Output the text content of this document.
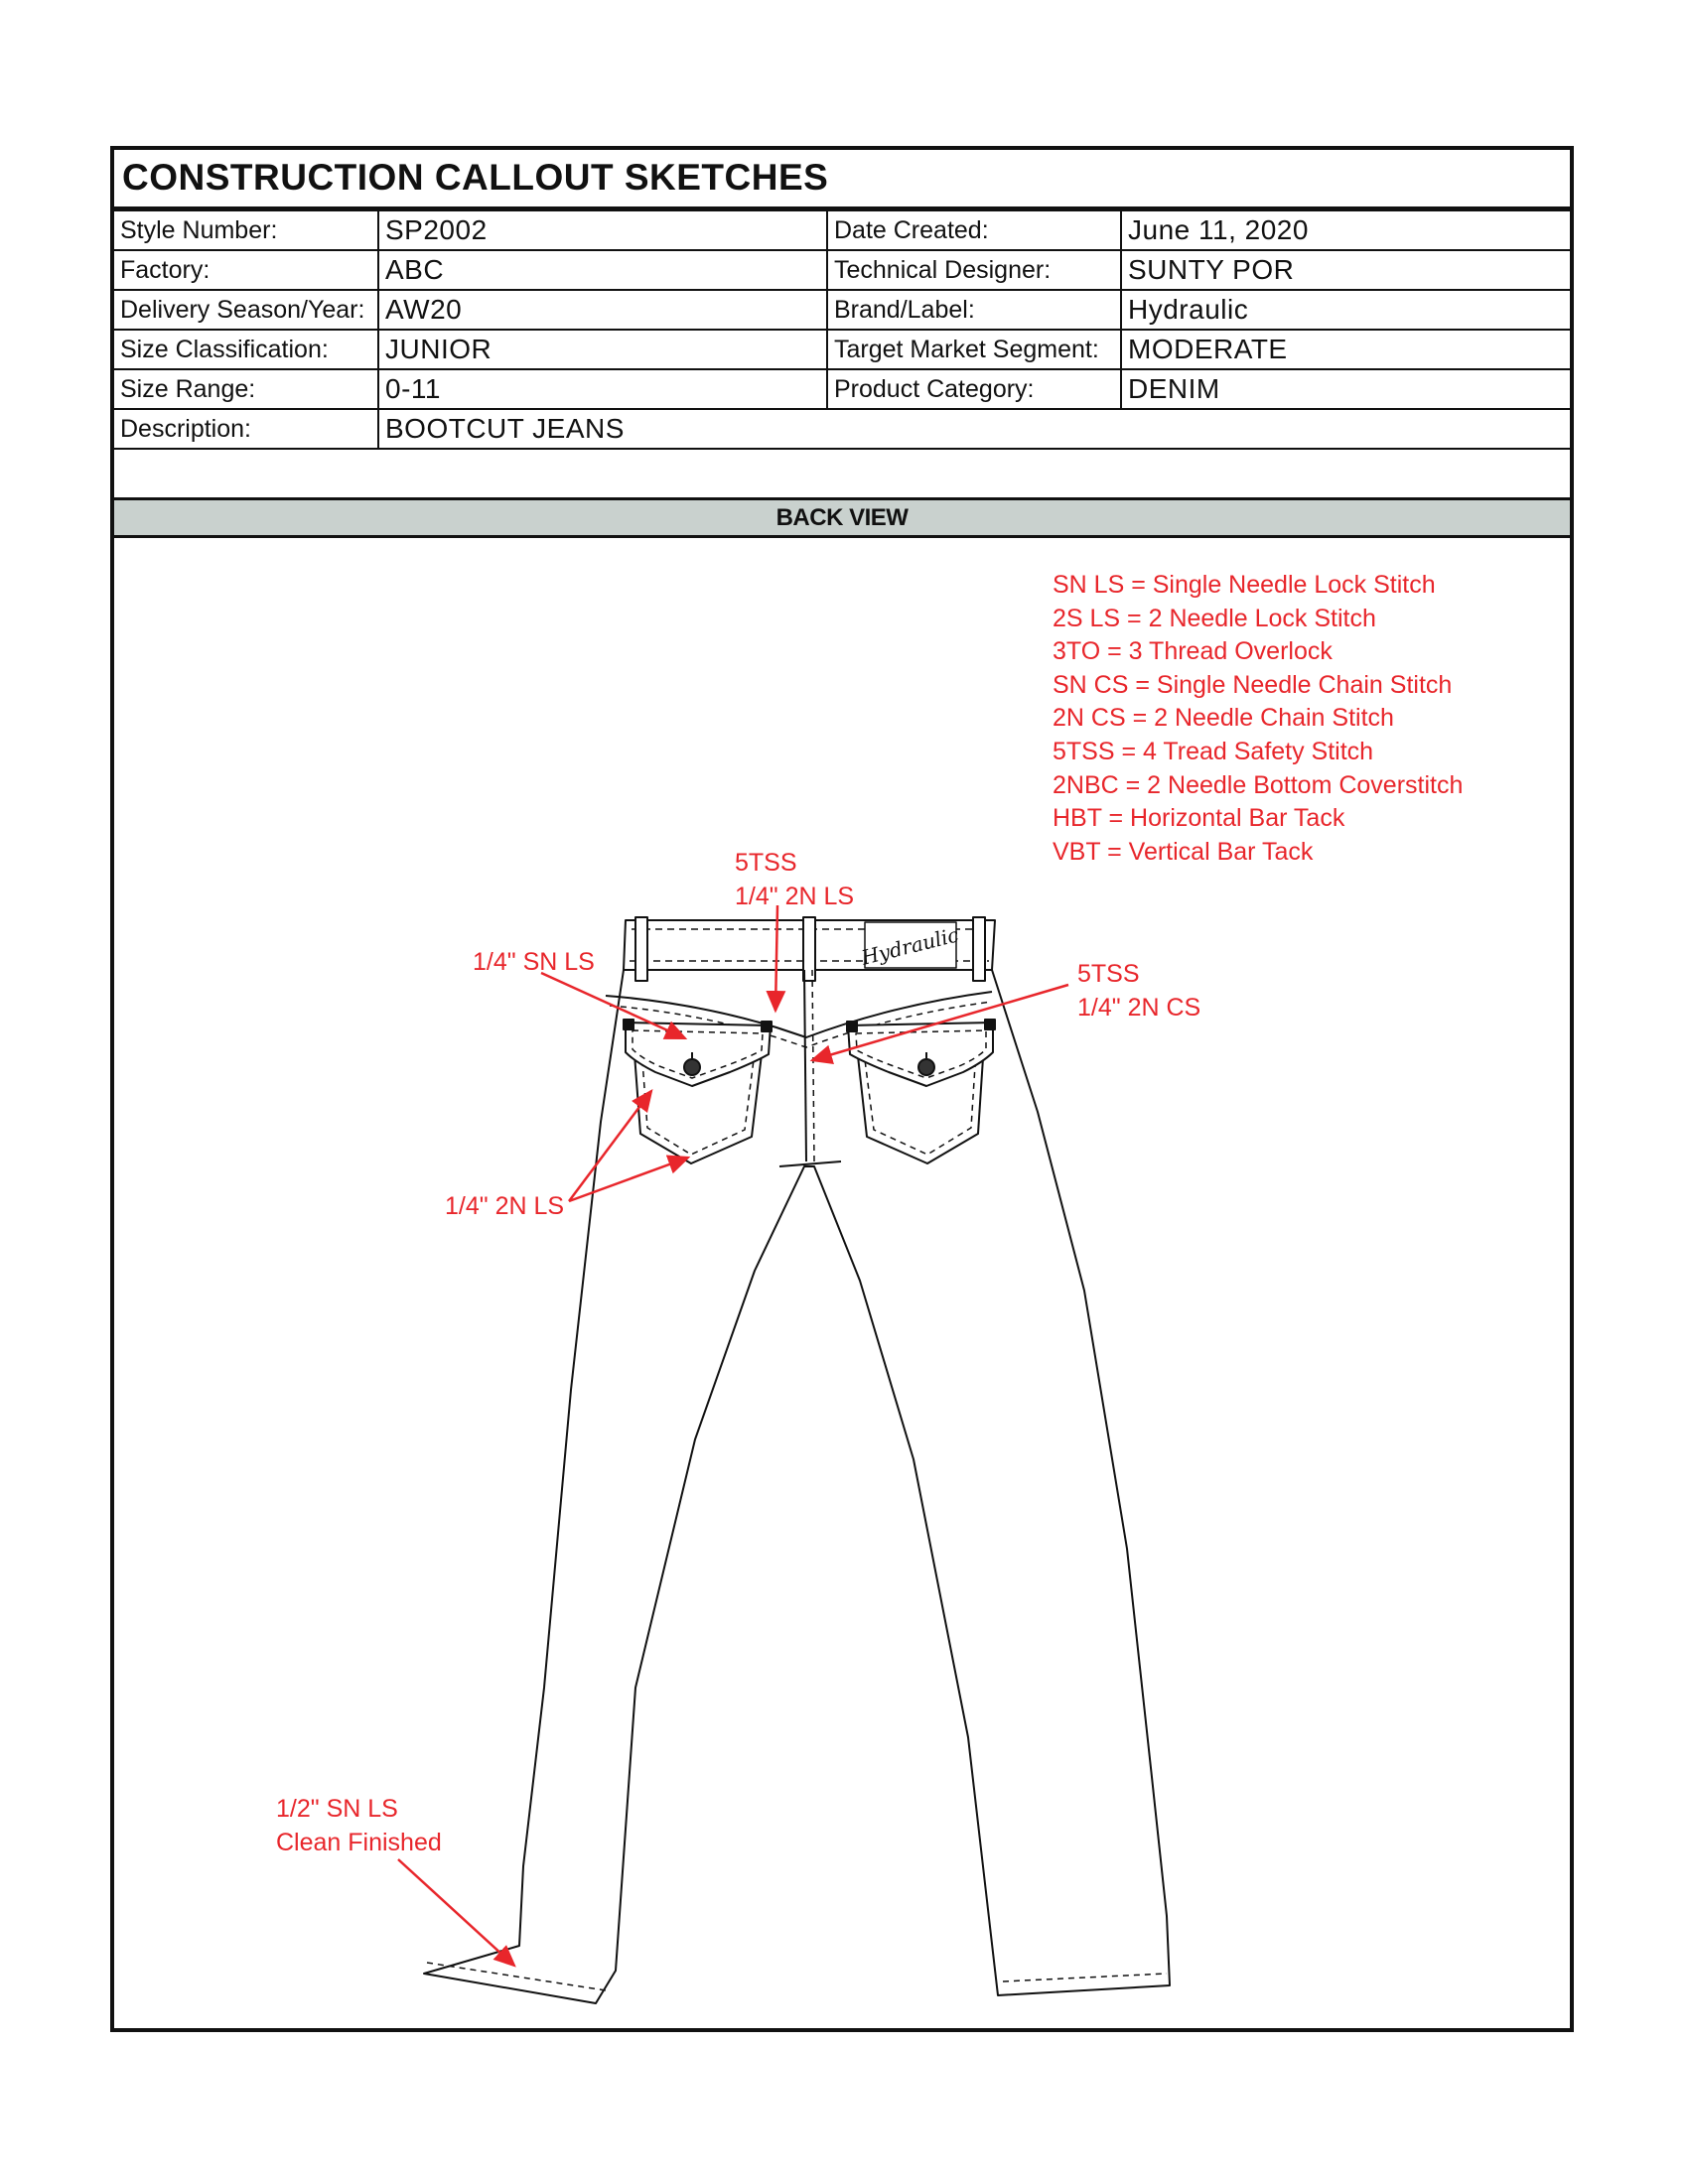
CONSTRUCTION CALLOUT SKETCHES
Style Number:	SP2002	Date Created:	June 11, 2020
Factory:	ABC	Technical Designer:	SUNTY POR
Delivery Season/Year:	AW20	Brand/Label:	Hydraulic
Size Classification:	JUNIOR	Target Market Segment:	MODERATE
Size Range:	0-11	Product Category:	DENIM
Description:	BOOTCUT JEANS		
BACK VIEW
Hydraulic
SN LS = Single Needle Lock Stitch
2S LS = 2 Needle Lock Stitch
3TO = 3 Thread Overlock
SN CS = Single Needle Chain Stitch
2N CS = 2 Needle Chain Stitch
5TSS = 4 Tread Safety Stitch
2NBC = 2 Needle Bottom Coverstitch
HBT = Horizontal Bar Tack
VBT = Vertical Bar Tack
5TSS
1/4" 2N LS
1/4" SN LS	5TSS
1/4" 2N CS
1/4" 2N LS
1/2" SN LS
Clean Finished
